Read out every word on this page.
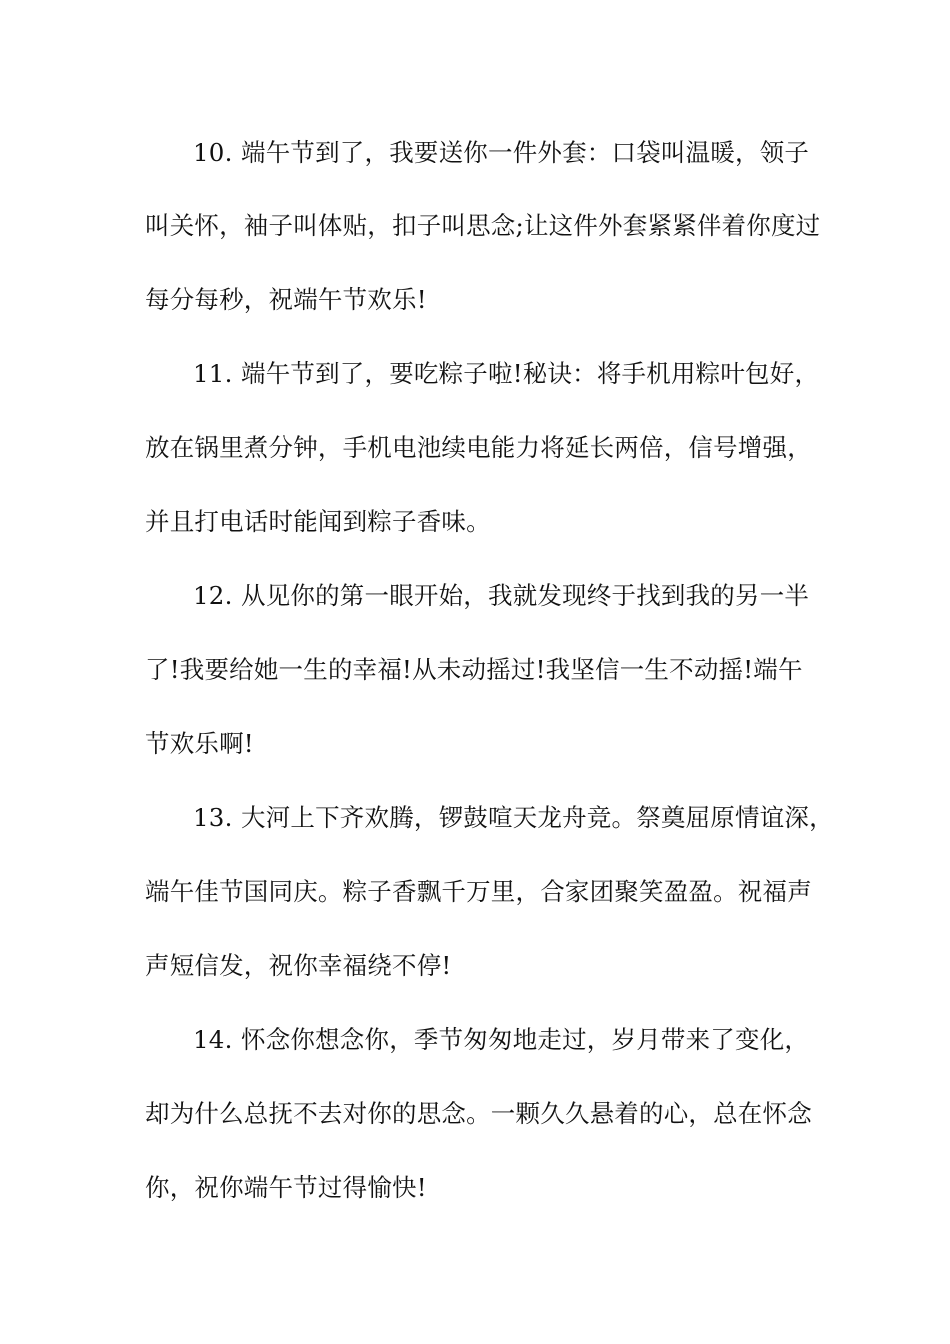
10. 端午节到了，我要送你一件外套：口袋叫温暖，领子
叫关怀，袖子叫体贴，扣子叫思念;让这件外套紧紧伴着你度过
每分每秒，祝端午节欢乐!
11. 端午节到了，要吃粽子啦!秘诀：将手机用粽叶包好，
放在锅里煮分钟，手机电池续电能力将延长两倍，信号增强，
并且打电话时能闻到粽子香味。
12. 从见你的第一眼开始，我就发现终于找到我的另一半
了!我要给她一生的幸福!从未动摇过!我坚信一生不动摇!端午
节欢乐啊!
13. 大河上下齐欢腾，锣鼓喧天龙舟竞。祭奠屈原情谊深，
端午佳节国同庆。粽子香飘千万里，合家团聚笑盈盈。祝福声
声短信发，祝你幸福绕不停!
14. 怀念你想念你，季节匆匆地走过，岁月带来了变化，
却为什么总抚不去对你的思念。一颗久久悬着的心，总在怀念
你，祝你端午节过得愉快!
